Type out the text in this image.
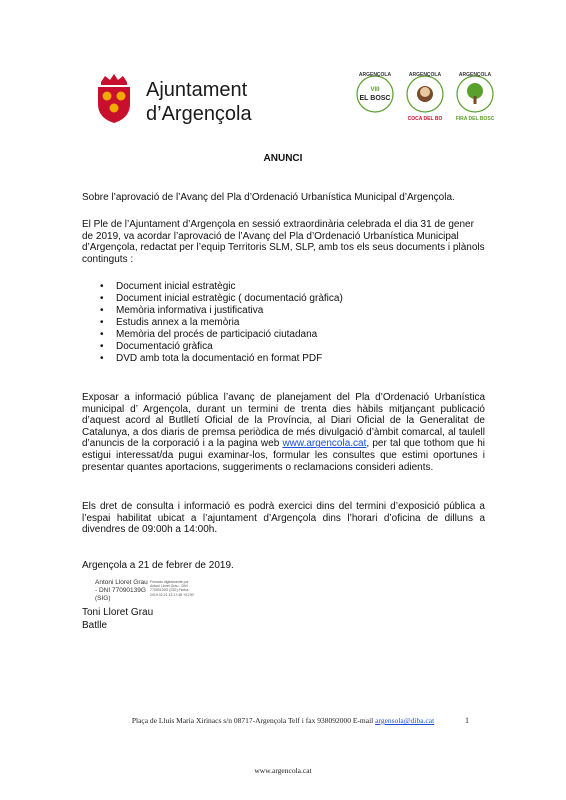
Ajuntament
d’Argençola
ARGENÇOLA
VIII
EL BOSC
ARGENÇOLA
COCA DEL BO
ARGENÇOLA
FIRA DEL BOSC
ANUNCI
Sobre l’aprovació de l’Avanç del Pla d’Ordenació Urbanística Municipal d’Argençola.
El Ple de l’Ajuntament d’Argençola en sessió extraordinària celebrada el dia 31 de gener de 2019, va acordar l’aprovació de l’Avanç del Pla d’Ordenació Urbanística Municipal d’Argençola, redactat per l’equip Territoris SLM, SLP, amb tos els seus documents i plànols continguts :
• Document inicial estratègic
• Document inicial estratègic ( documentació gràfica)
• Memòria informativa i justificativa
• Estudis annex a la memòria
• Memòria del procés de participació ciutadana
• Documentació gràfica
• DVD amb tota la documentació en format PDF
Exposar a informació pública l’avanç de planejament del Pla d’Ordenació Urbanística municipal d’ Argençola, durant un termini de trenta dies hàbils mitjançant publicació d’aquest acord al Butlletí Oficial de la Província, al Diari Oficial de la Generalitat de Catalunya, a dos diaris de premsa periòdica de més divulgació d’àmbit comarcal, al taulell d’anuncis de la corporació i a la pagina web www.argencola.cat, per tal que tothom que hi estigui interessat/da pugui examinar-los, formular les consultes que estimi oportunes i presentar quantes aportacions, suggeriments o reclamacions consideri adients.
Els dret de consulta i informació es podrà exercici dins del termini d’exposició pública a l’espai habilitat ubicat a l’ajuntament d’Argençola dins l’horari d’oficina de dilluns a divendres de 09:00h a 14:00h.
Argençola a 21 de febrer de 2019.
Antoni Lloret Grau
- DNI 77090139G
(SIG)
Firmado digitalmente por Antoni Lloret Grau - DNI 77090139G (SIG) Fecha: 2019.02.21 13:17:48 +01'00'
Toni Lloret Grau
Batlle
Plaça de Lluís Maria Xirinacs s/n 08717-Argençola Telf i fax 938092000 E-mail argensola@diba.cat	1
www.argencola.cat
